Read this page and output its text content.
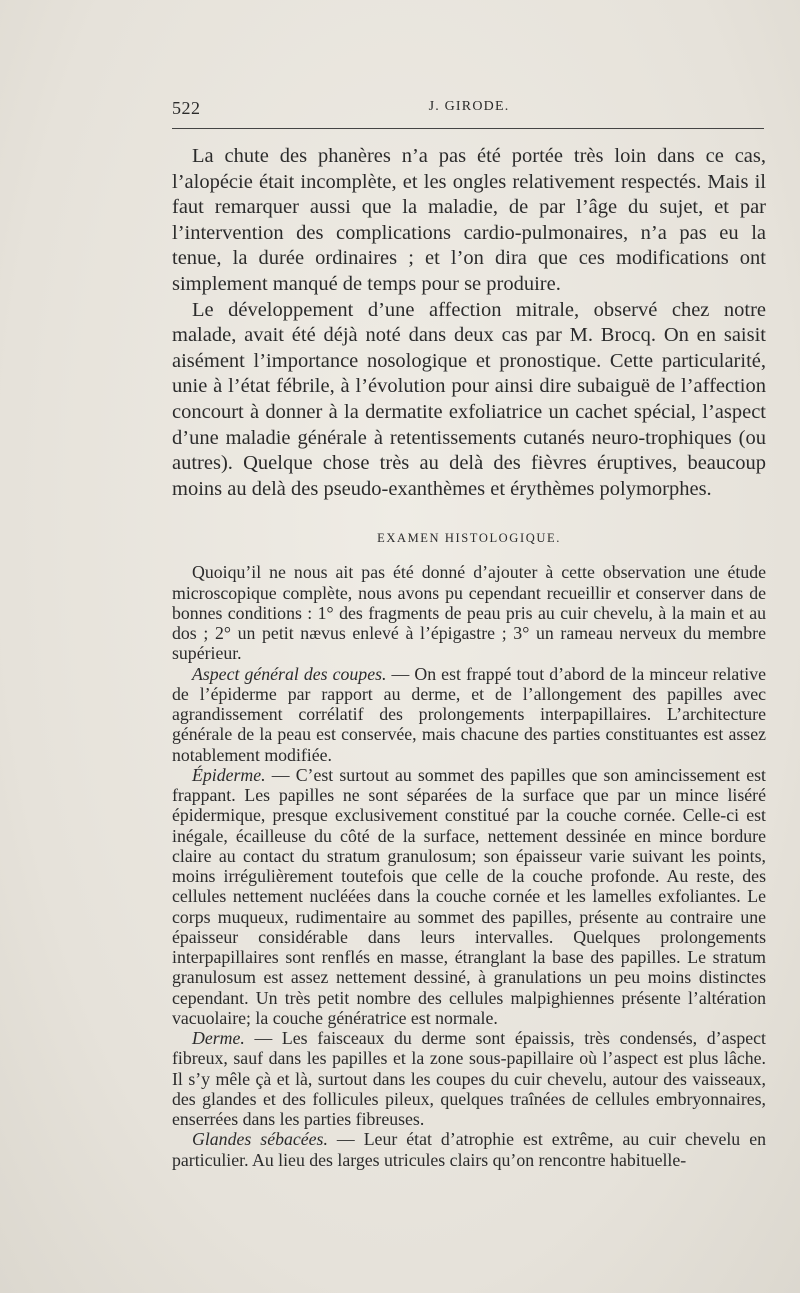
522	J. GIRODE.

La chute des phanères n’a pas été portée très loin dans ce cas, l’alopécie était incomplète, et les ongles relativement respectés. Mais il faut remarquer aussi que la maladie, de par l’âge du sujet, et par l’intervention des complications cardio-pulmonaires, n’a pas eu la tenue, la durée ordinaires ; et l’on dira que ces modifications ont simplement manqué de temps pour se produire.

Le développement d’une affection mitrale, observé chez notre malade, avait été déjà noté dans deux cas par M. Brocq. On en saisit aisément l’importance nosologique et pronostique. Cette particularité, unie à l’état fébrile, à l’évolution pour ainsi dire subaiguë de l’affection concourt à donner à la dermatite exfoliatrice un cachet spécial, l’aspect d’une maladie générale à retentissements cutanés neuro-trophiques (ou autres). Quelque chose très au delà des fièvres éruptives, beaucoup moins au delà des pseudo-exanthèmes et érythèmes polymorphes.

EXAMEN HISTOLOGIQUE.

Quoiqu’il ne nous ait pas été donné d’ajouter à cette observation une étude microscopique complète, nous avons pu cependant recueillir et conserver dans de bonnes conditions : 1° des fragments de peau pris au cuir chevelu, à la main et au dos ; 2° un petit nævus enlevé à l’épigastre ; 3° un rameau nerveux du membre supérieur.

Aspect général des coupes. — On est frappé tout d’abord de la minceur relative de l’épiderme par rapport au derme, et de l’allongement des papilles avec agrandissement corrélatif des prolongements interpapillaires. L’architecture générale de la peau est conservée, mais chacune des parties constituantes est assez notablement modifiée.

Épiderme. — C’est surtout au sommet des papilles que son amincissement est frappant. Les papilles ne sont séparées de la surface que par un mince liséré épidermique, presque exclusivement constitué par la couche cornée. Celle-ci est inégale, écailleuse du côté de la surface, nettement dessinée en mince bordure claire au contact du stratum granulosum; son épaisseur varie suivant les points, moins irrégulièrement toutefois que celle de la couche profonde. Au reste, des cellules nettement nucléées dans la couche cornée et les lamelles exfoliantes. Le corps muqueux, rudimentaire au sommet des papilles, présente au contraire une épaisseur considérable dans leurs intervalles. Quelques prolongements interpapillaires sont renflés en masse, étranglant la base des papilles. Le stratum granulosum est assez nettement dessiné, à granulations un peu moins distinctes cependant. Un très petit nombre des cellules malpighiennes présente l’altération vacuolaire; la couche génératrice est normale.

Derme. — Les faisceaux du derme sont épaissis, très condensés, d’aspect fibreux, sauf dans les papilles et la zone sous-papillaire où l’aspect est plus lâche. Il s’y mêle çà et là, surtout dans les coupes du cuir chevelu, autour des vaisseaux, des glandes et des follicules pileux, quelques traînées de cellules embryonnaires, enserrées dans les parties fibreuses.

Glandes sébacées. — Leur état d’atrophie est extrême, au cuir chevelu en particulier. Au lieu des larges utricules clairs qu’on rencontre habituelle-
